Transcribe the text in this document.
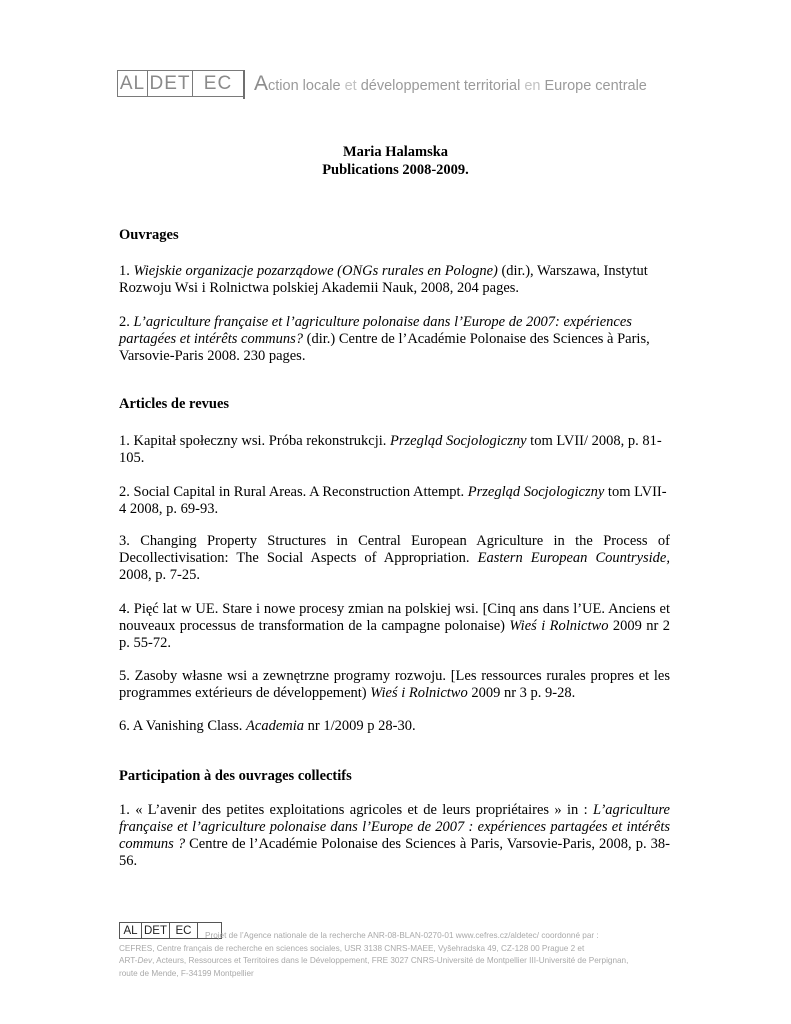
AL DET EC	Action locale et développement territorial en Europe centrale
Maria Halamska
Publications 2008-2009.
Ouvrages
1. Wiejskie organizacje pozarządowe (ONGs rurales en Pologne) (dir.), Warszawa, Instytut Rozwoju Wsi i Rolnictwa polskiej Akademii Nauk, 2008, 204 pages.
2. L’agriculture française et l’agriculture polonaise dans l’Europe de 2007: expériences partagées et intérêts communs? (dir.) Centre de l’Académie Polonaise des Sciences à Paris, Varsovie-Paris 2008. 230 pages.
Articles de revues
1. Kapitał społeczny wsi. Próba rekonstrukcji. Przegląd Socjologiczny tom LVII/ 2008, p. 81-105.
2. Social Capital in Rural Areas. A Reconstruction Attempt. Przegląd Socjologiczny tom LVII- 4 2008, p. 69-93.
3. Changing Property Structures in Central European Agriculture in the Process of Decollectivisation: The Social Aspects of Appropriation. Eastern European Countryside, 2008, p. 7-25.
4. Pięć lat w UE. Stare i nowe procesy zmian na polskiej wsi. [Cinq ans dans l’UE. Anciens et nouveaux processus de transformation de la campagne polonaise) Wieś i Rolnictwo 2009 nr 2 p. 55-72.
5. Zasoby własne wsi a zewnętrzne programy rozwoju. [Les ressources rurales propres et les programmes extérieurs de développement) Wieś i Rolnictwo 2009 nr 3 p. 9-28.
6. A Vanishing Class. Academia nr 1/2009 p 28-30.
Participation à des ouvrages collectifs
1. « L’avenir des petites exploitations agricoles et de leurs propriétaires » in : L’agriculture française et l’agriculture polonaise dans l’Europe de 2007 : expériences partagées et intérêts communs ? Centre de l’Académie Polonaise des Sciences à Paris, Varsovie-Paris, 2008, p. 38-56.
AL DET EC	Projet de l’Agence nationale de la recherche ANR-08-BLAN-0270-01 www.cefres.cz/aldetec/ coordonné par :
CEFRES, Centre français de recherche en sciences sociales, USR 3138 CNRS-MAEE, Vyšehradska 49, CZ-128 00 Prague 2 et
ART-Dev, Acteurs, Ressources et Territoires dans le Développement, FRE 3027 CNRS-Université de Montpellier III-Université de Perpignan,
route de Mende, F-34199 Montpellier
